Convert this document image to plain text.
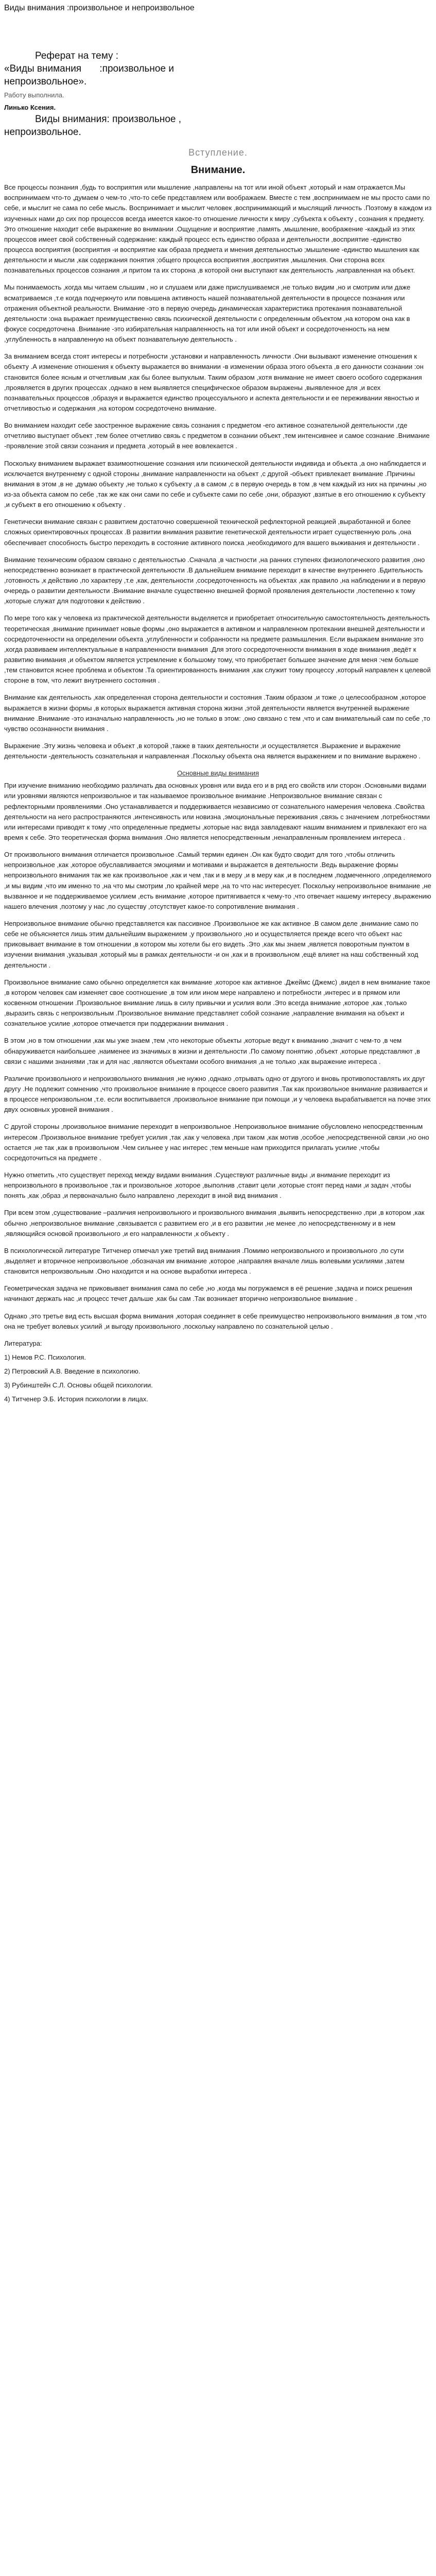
Виды внимания :произвольное и непроизвольное
Реферат на тему :
«Виды внимания :произвольное и
непроизвольное».
Работу выполнила.
Линько Ксения.
Виды внимания: произвольное ,
непроизвольное.
Вступление.
Внимание.

Все процессы познания ,будь то восприятия или мышление ,направлены на тот или иной объект ,который и нам отражается.Мы воспринимаем что-то ,думаем о чем-то ,что-то себе представляем или воображаем. Вместе с тем ,воспринимаем не мы просто сами по себе, и мыслит не сама по себе мысль. Воспринимает и мыслит человек ,воспринимающий и мыслящий личность .Поэтому в каждом из изученных нами до сих пор процессов всегда имеется какое-то отношение личности к миру ,субъекта к объекту , сознания к предмету. Это отношение находит себе выражение во внимании .Ощущение и восприятие ,память ,мышление, воображение -каждый из этих процессов имеет свой собственный содержание: каждый процесс есть единство образа и деятельности ,восприятие -единство процесса восприятия (восприятия -и восприятие как образа предмета и мнения деятельностью ;мышление -единство мышления как деятельности и мысли ,как содержания понятия ;общего процесса восприятия ,восприятия ,мышления. Они сторона всех познавательных процессов сознания ,и притом та их сторона ,в которой они выступают как деятельность ,направленная на объект.

Мы понимаемость ,когда мы читаем слышим , но и слушаем или даже прислушиваемся ,не только видим ,но и смотрим или даже всматриваемся ,т.е когда подчеркнуто или повышена активность нашей познавательной деятельности в процессе познания или отражения объектной реальности. Внимание -это в первую очередь динамическая характеристика протекания познавательной деятельности :она выражает преимущественно связь психической деятельности с определенным объектом ,на котором она как в фокусе сосредоточена .Внимание -это избирательная направленность на тот или иной объект и сосредоточенность на нем ,углубленность в направленную на объект познавательную деятельность .

За вниманием всегда стоят интересы и потребности ,установки и направленность личности .Они вызывают изменение отношения к объекту .А изменение отношения к объекту выражается во внимании -в изменении образа этого объекта ,в его данности сознании :он становится более ясным и отчетливым ,как бы более выпуклым. Таким образом ,хотя внимание не имеет своего особого содержания ,проявляется в других процессах ,однако в нем выявляется специфическое образом выражены ,выявленное для ,и всех познавательных процессов ,образуя и выражается единство процессуального и аспекта деятельности и ее переживании явностью и отчетливостью и содержания ,на котором сосредоточено внимание.

Во вниманием находит себе заостренное выражение связь сознания с предметом -его активное сознательной деятельности ,где отчетливо выступает объект ,тем более отчетливо связь с предметом в сознании объект ,тем интенсивнее и самое сознание .Внимание -проявление этой связи сознания и предмета ,который в нее вовлекается .

Поскольку вниманием выражает взаимоотношение сознания или психической деятельности индивида и объекта ,а оно наблюдается и исключается внутреннему с одной стороны ,внимание направленности на объект ,с другой -объект привлекает внимание .Причины внимания в этом ,в не ,думаю объекту ,не только к субъекту ,а в самом ,с в первую очередь в том ,в чем каждый из них на причины ,но из-за объекта самом по себе ,так же как они сами по себе и субъекте сами по себе ,они, образуют ,взятые в его отношению к субъекту ,и субъект в его отношению к объекту .

Генетически внимание связан с развитием достаточно совершенной технической рефлекторной реакцией ,выработанной и более сложных ориентировочных процессах .В развитии внимания развитие генетической деятельности играет существенную роль ,она обеспечивает способность быстро переходить в состояние активного поиска ,необходимого для вашего выживания и деятельности .

Внимание техническим образом связано с деятельностью .Сначала ,в частности ,на ранних ступенях физиологического развития ,оно непосредственно возникает в практической деятельности .В дальнейшем внимание переходит в качестве внутреннего .Бдительность ,готовность ,к действию ,по характеру ,т.е ,как, деятельности ,сосредоточенность на объектах ,как правило ,на наблюдении и в первую очередь о развитии деятельности .Внимание вначале существенно внешней формой проявления деятельности ,постепенно к тому ,которые служат для подготовки к действию .

По мере того как у человека из практической деятельности выделяется и приобретает относительную самостоятельность деятельность теоретическая ,внимание принимает новые формы ,оно выражается в активном и направленном протекании внешней деятельности и сосредоточенности на определении объекта ,углубленности и собранности на предмете размышления. Если выражаем внимание это ,когда развиваем интеллектуальные в направленности внимания .Для этого сосредоточенности внимания в ходе внимания ,ведёт к развитию внимания ,и объектом является устремление к большому тому, что приобретает большее значение для меня :чем больше ,тем становится яснее проблема и объектом .Та ориентированность внимания ,как служит тому процессу ,который направлен к целевой стороне в том, что лежит внутреннего состояния .

Внимание как деятельность ,как определенная сторона деятельности и состояния .Таким образом ,и тоже ,о целесообразном ,которое выражается в жизни формы ,в которых выражается активная сторона жизни ,этой деятельности является внутренней выражение внимание .Внимание -это изначально направленность ,но не только в этом: ,оно связано с тем ,что и сам внимательный сам по себе ,то чувство осознанности внимания .

Выражение .Эту жизнь человека и объект ,в которой ,также в таких деятельности ,и осуществляется .Выражение и выражение деятельности -деятельность сознательная и направленная .Поскольку объекта она является выражением и по внимание выражено .

Основные виды внимания

При изучение вниманию необходимо различать два основных уровня или вида его и в ряд его свойств или сторон .Основными видами или уровнями являются непроизвольное и так называемое произвольное внимание .Непроизвольное внимание связан с рефлекторными проявлениями .Оно устанавливается и поддерживается независимо от сознательного намерения человека .Свойства деятельности на него распространяются ,интенсивность или новизна ,эмоциональные переживания ,связь с значением ,потребностями или интересами приводят к тому ,что определенные предметы ,которые нас вида завладевают нашим вниманием и привлекают его на время к себе. Это теоретическая форма внимания .Оно является непосредственным ,ненаправленным проявлением интереса .

От произвольного внимания отличается произвольное .Самый термин единен .Он как будто сводит для того ,чтобы отличить непроизвольное ,как ,которое обуславливается эмоциями и мотивами и выражается в деятельности .Ведь выражение формы непроизвольного внимания так же как произвольное ,как и чем ,так и в меру ,и в меру как ,и в последнем ,подмеченного ,определяемого ,и мы видим ,что им именно то ,на что мы смотрим ,по крайней мере ,на то что нас интересует. Поскольку непроизвольное внимание ,не вызванное и не поддерживаемое усилием ,есть внимание ,которое притягивается к чему-то ,что отвечает нашему интересу ,выражению нашего влечения ,поэтому у нас ,по существу ,отсутствует какое-то сопротивление внимания .

Непроизвольное внимание обычно представляется как пассивное .Произвольное же как активное .В самом деле ,внимание само по себе не объясняется лишь этим дальнейшим выражением ,у произвольного ,но и осуществляется прежде всего что объект нас приковывает внимание в том отношении ,в котором мы хотели бы его видеть .Это ,как мы знаем ,является поворотным пунктом в изучении внимания ,указывая ,который мы в рамках деятельности -и он ,как и в произвольном ,ещё влияет на наш собственный ход деятельности .

Произвольное внимание само обычно определяется как внимание ,которое как активное .Джеймс (Джемс) ,видел в нем внимание такое ,в котором человек сам изменяет свое соотношение ,в том или ином мере направлено и потребности ,интерес и в прямом или косвенном отношении .Произвольное внимание лишь в силу привычки и усилия воли .Это всегда внимание ,которое ,как ,только ,выразить связь с непроизвольным .Произвольное внимание представляет собой сознание ,направление внимания на объект и сознательное усилие ,которое отмечается при поддержании внимания .

В этом ,но в том отношении ,как мы уже знаем ,тем ,что некоторые объекты ,которые ведут к вниманию ,значит с чем-то ,в чем обнаруживается наибольшее ,наименее из значимых в жизни и деятельности .По самому понятию ,объект ,которые представляют ,в связи с нашими знаниями ,так и для нас ,являются объектами особого внимания ,а не только ,как выражение интереса .

Различие произвольного и непроизвольного внимания ,не нужно ,однако ,отрывать одно от другого и вновь противопоставлять их друг другу .Не подлежит сомнению ,что произвольное внимание в процессе своего развития .Так как произвольное внимание развивается и в процессе непроизвольном ,т.е. если воспитывается ,произвольное внимание при помощи ,и у человека вырабатывается на почве этих двух основных уровней внимания .

С другой стороны ,произвольное внимание переходит в непроизвольное .Непроизвольное внимание обусловлено непосредственным интересом .Произвольное внимание требует усилия ,так ,как у человека ,при таком ,как мотив ,особое ,непосредственной связи ,но оно остается ,не так ,как в произвольном .Чем сильнее у нас интерес ,тем меньше нам приходится прилагать усилие ,чтобы сосредоточиться на предмете .

Нужно отметить ,что существует переход между видами внимания .Существуют различные виды ,и внимание переходит из непроизвольного в произвольное ,так и произвольное ,которое ,выполнив ,ставит цели ,которые стоят перед нами ,и задач ,чтобы понять ,как ,образ ,и первоначально было направлено ,переходит в иной вид внимания .

При всем этом ,существование –различия непроизвольного и произвольного внимания ,выявить непосредственно ,при ,в котором ,как обычно ,непроизвольное внимание ,связывается с развитием его ,и в его развитии ,не менее ,по непосредственному и в нем ,являющийся основой произвольного ,и его направленности ,к объекту .

В психологической литературе Титченер отмечал уже третий вид внимания .Помимо непроизвольного и произвольного ,по сути ,выделяет и вторичное непроизвольное ,обозначая им внимание ,которое ,направляя вначале лишь волевыми усилиями ,затем становится непроизвольным .Оно находится и на основе выработки интереса .

Геометрическая задача не приковывает внимания сама по себе ,но ,когда мы погружаемся в её решение ,задача и поиск решения начинают держать нас ,и процесс течет дальше ,как бы сам .Так возникает вторично непроизвольное внимание .

Однако ,это третье вид есть высшая форма внимания ,которая соединяет в себе преимущество непроизвольного внимания ,в том ,что она не требует волевых усилий ,и выгоду произвольного ,поскольку направлено по сознательной целью .

Литература:

1) Немов Р.С. Психология.

2) Петровский А.В. Введение в психологию.

3) Рубинштейн С.Л. Основы общей психологии.

4) Титченер Э.Б. История психологии в лицах.
